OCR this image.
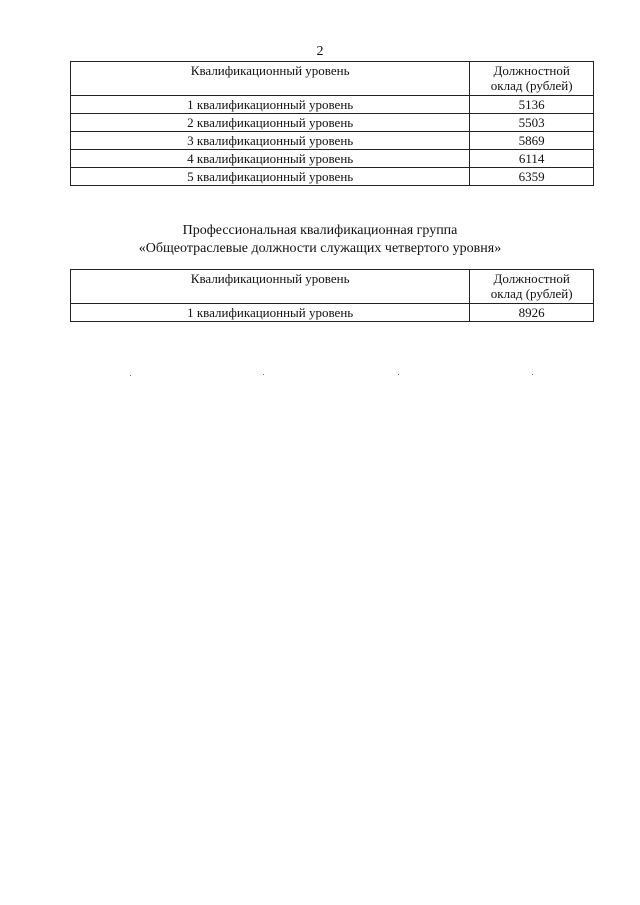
2
Квалификационный уровень	Должностной
оклад (рублей)
1 квалификационный уровень	5136
2 квалификационный уровень	5503
3 квалификационный уровень	5869
4 квалификационный уровень	6114
5 квалификационный уровень	6359
Профессиональная квалификационная группа
«Общеотраслевые должности служащих четвертого уровня»
Квалификационный уровень	Должностной
оклад (рублей)
1 квалификационный уровень	8926
